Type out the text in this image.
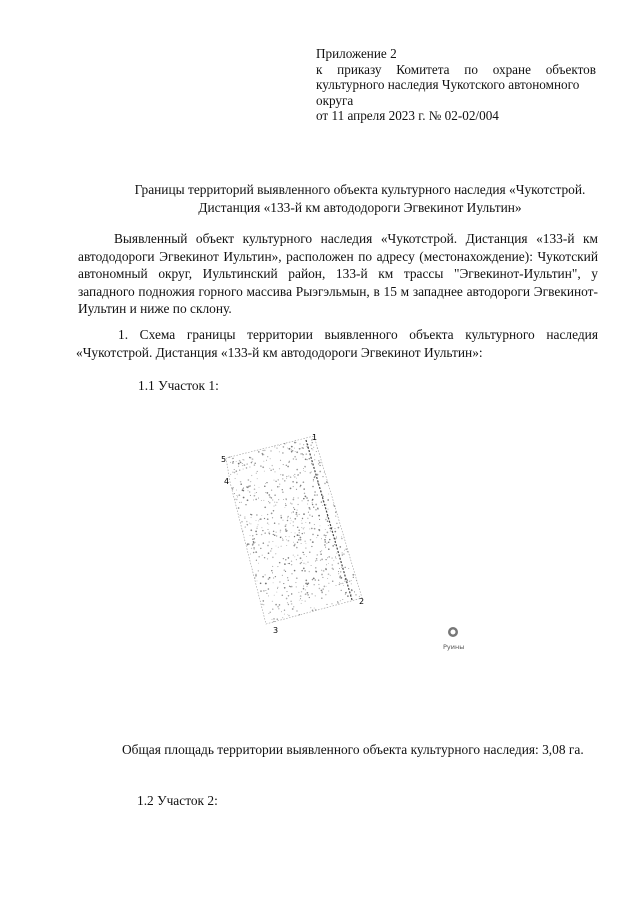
Приложение 2
к приказу Комитета по охране объектов
культурного наследия Чукотского автономного
округа
от 11 апреля 2023 г. № 02-02/004
Границы территорий выявленного объекта культурного наследия «Чукотстрой.
Дистанция «133-й км автододороги Эгвекинот Иультин»
Выявленный объект культурного наследия «Чукотстрой. Дистанция «133-й км автододороги Эгвекинот Иультин», расположен по адресу (местонахождение): Чукотский автономный округ, Иультинский район, 133-й км трассы "Эгвекинот-Иультин", у западного подножия горного массива Рыэгэльмын, в 15 м западнее автодороги Эгвекинот-Иультин и ниже по склону.
1. Схема границы территории выявленного объекта культурного наследия «Чукотстрой. Дистанция «133-й км автододороги Эгвекинот Иультин»:
1.1 Участок 1:
1
2
3
4
5
Руины
Общая площадь территории выявленного объекта культурного наследия: 3,08 га.
1.2 Участок 2:
